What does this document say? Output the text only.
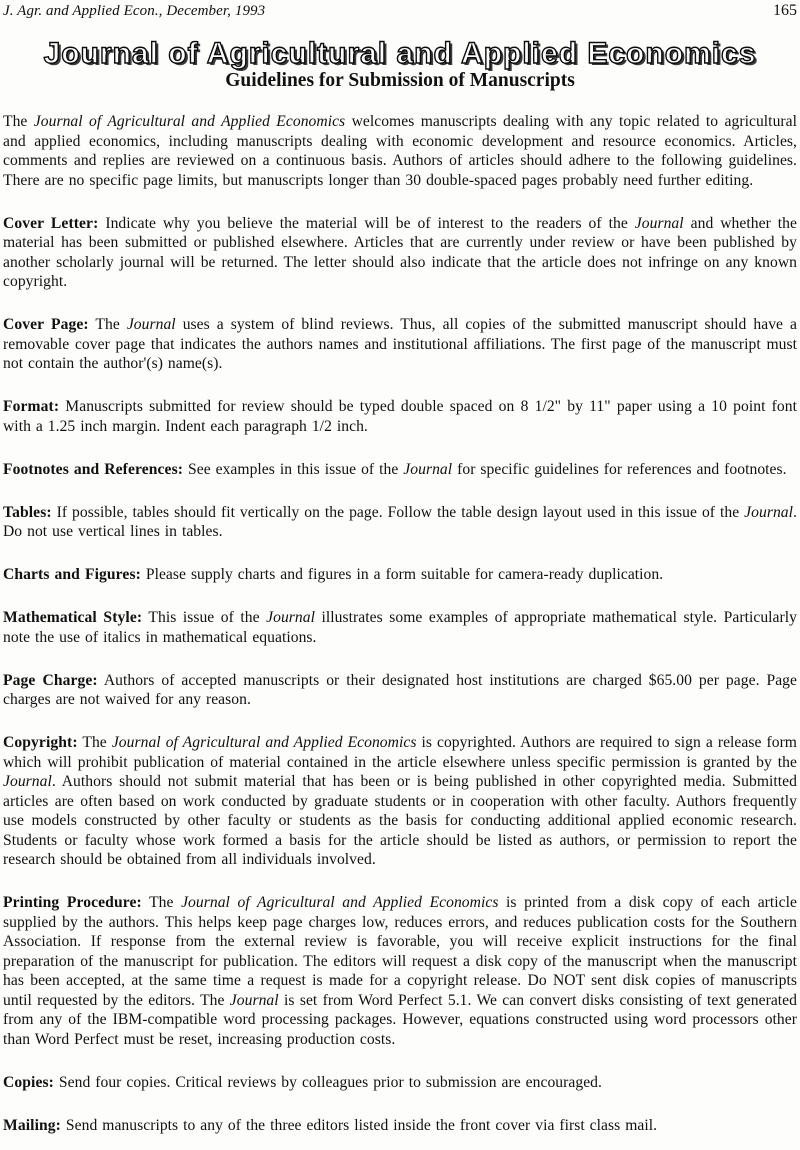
J. Agr. and Applied Econ., December, 1993	165
Journal of Agricultural and Applied Economics
Guidelines for Submission of Manuscripts

The Journal of Agricultural and Applied Economics welcomes manuscripts dealing with any topic related to agricultural and applied economics, including manuscripts dealing with economic development and resource economics. Articles, comments and replies are reviewed on a continuous basis. Authors of articles should adhere to the following guidelines. There are no specific page limits, but manuscripts longer than 30 double-spaced pages probably need further editing.

Cover Letter: Indicate why you believe the material will be of interest to the readers of the Journal and whether the material has been submitted or published elsewhere. Articles that are currently under review or have been published by another scholarly journal will be returned. The letter should also indicate that the article does not infringe on any known copyright.

Cover Page: The Journal uses a system of blind reviews. Thus, all copies of the submitted manuscript should have a removable cover page that indicates the authors names and institutional affiliations. The first page of the manuscript must not contain the author'(s) name(s).

Format: Manuscripts submitted for review should be typed double spaced on 8 1/2" by 11" paper using a 10 point font with a 1.25 inch margin. Indent each paragraph 1/2 inch.

Footnotes and References: See examples in this issue of the Journal for specific guidelines for references and footnotes.

Tables: If possible, tables should fit vertically on the page. Follow the table design layout used in this issue of the Journal. Do not use vertical lines in tables.

Charts and Figures: Please supply charts and figures in a form suitable for camera-ready duplication.

Mathematical Style: This issue of the Journal illustrates some examples of appropriate mathematical style. Particularly note the use of italics in mathematical equations.

Page Charge: Authors of accepted manuscripts or their designated host institutions are charged $65.00 per page. Page charges are not waived for any reason.

Copyright: The Journal of Agricultural and Applied Economics is copyrighted. Authors are required to sign a release form which will prohibit publication of material contained in the article elsewhere unless specific permission is granted by the Journal. Authors should not submit material that has been or is being published in other copyrighted media. Submitted articles are often based on work conducted by graduate students or in cooperation with other faculty. Authors frequently use models constructed by other faculty or students as the basis for conducting additional applied economic research. Students or faculty whose work formed a basis for the article should be listed as authors, or permission to report the research should be obtained from all individuals involved.

Printing Procedure: The Journal of Agricultural and Applied Economics is printed from a disk copy of each article supplied by the authors. This helps keep page charges low, reduces errors, and reduces publication costs for the Southern Association. If response from the external review is favorable, you will receive explicit instructions for the final preparation of the manuscript for publication. The editors will request a disk copy of the manuscript when the manuscript has been accepted, at the same time a request is made for a copyright release. Do NOT sent disk copies of manuscripts until requested by the editors. The Journal is set from Word Perfect 5.1. We can convert disks consisting of text generated from any of the IBM-compatible word processing packages. However, equations constructed using word processors other than Word Perfect must be reset, increasing production costs.

Copies: Send four copies. Critical reviews by colleagues prior to submission are encouraged.

Mailing: Send manuscripts to any of the three editors listed inside the front cover via first class mail.
